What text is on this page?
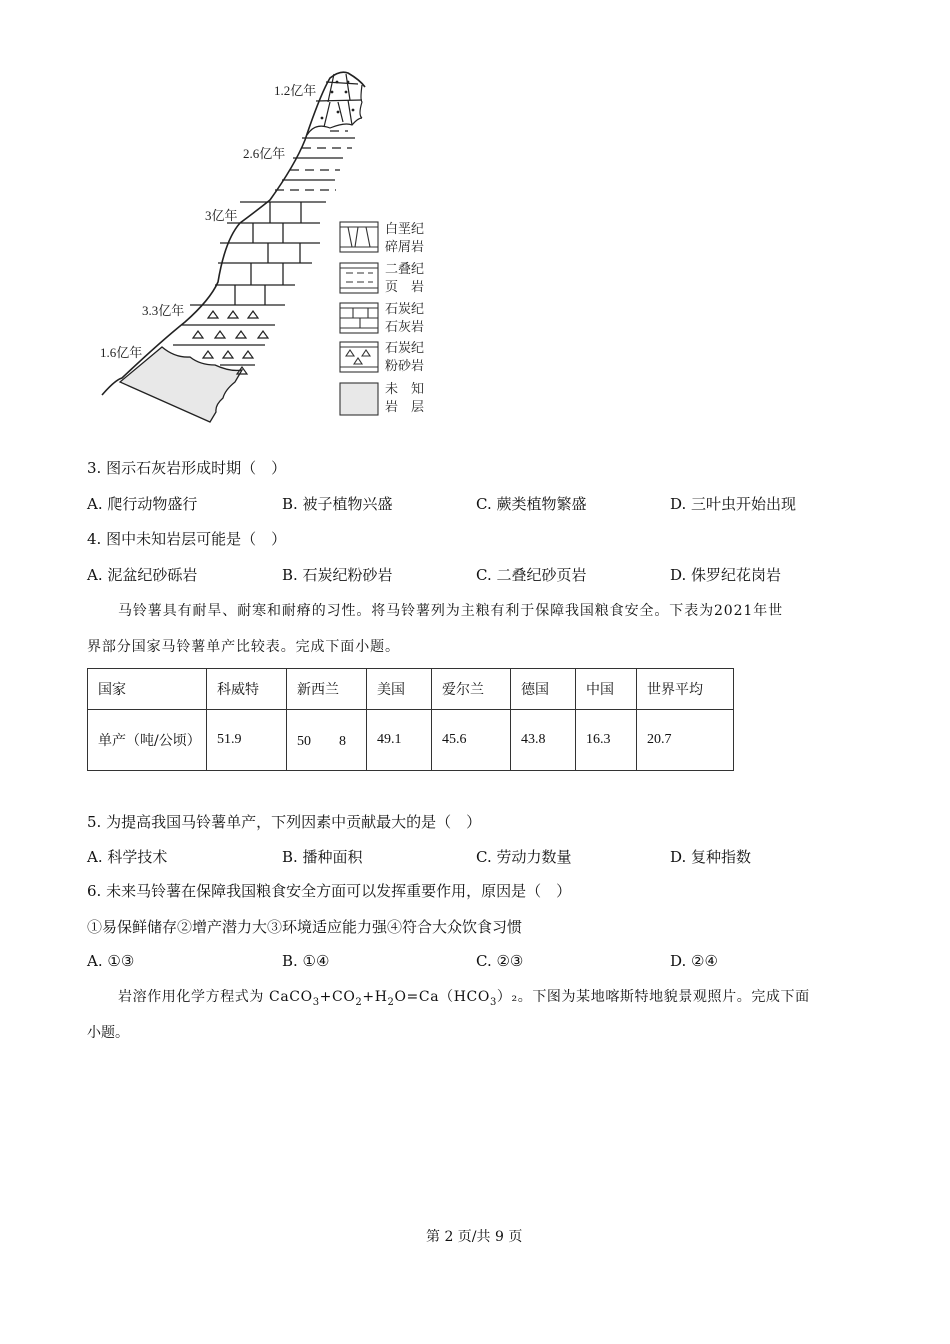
1.2亿年
2.6亿年
3亿年
3.3亿年
1.6亿年
白垩纪
碎屑岩
二叠纪
页　岩
石炭纪
石灰岩
石炭纪
粉砂岩
未　知
岩　层
3. 图示石灰岩形成时期（　）
A. 爬行动物盛行	B. 被子植物兴盛	C. 蕨类植物繁盛	D. 三叶虫开始出现
4. 图中未知岩层可能是（　）
A. 泥盆纪砂砾岩	B. 石炭纪粉砂岩	C. 二叠纪砂页岩	D. 侏罗纪花岗岩
马铃薯具有耐旱、耐寒和耐瘠的习性。将马铃薯列为主粮有利于保障我国粮食安全。下表为2021年世
界部分国家马铃薯单产比较表。完成下面小题。
国家	科威特	新西兰	美国	爱尔兰	德国	中国	世界平均
单产（吨/公顷）	51.9	50　　8	49.1	45.6	43.8	16.3	20.7
5. 为提高我国马铃薯单产，下列因素中贡献最大的是（　）
A. 科学技术	B. 播种面积	C. 劳动力数量	D. 复种指数
6. 未来马铃薯在保障我国粮食安全方面可以发挥重要作用，原因是（　）
①易保鲜储存②增产潜力大③环境适应能力强④符合大众饮食习惯
A. ①③	B. ①④	C. ②③	D. ②④
岩溶作用化学方程式为 $CaCO_3+CO_2+H_2O=Ca(HCO_3)_2$。下图为某地喀斯特地貌景观照片。完成下面
小题。
第 2 页/共 9 页
